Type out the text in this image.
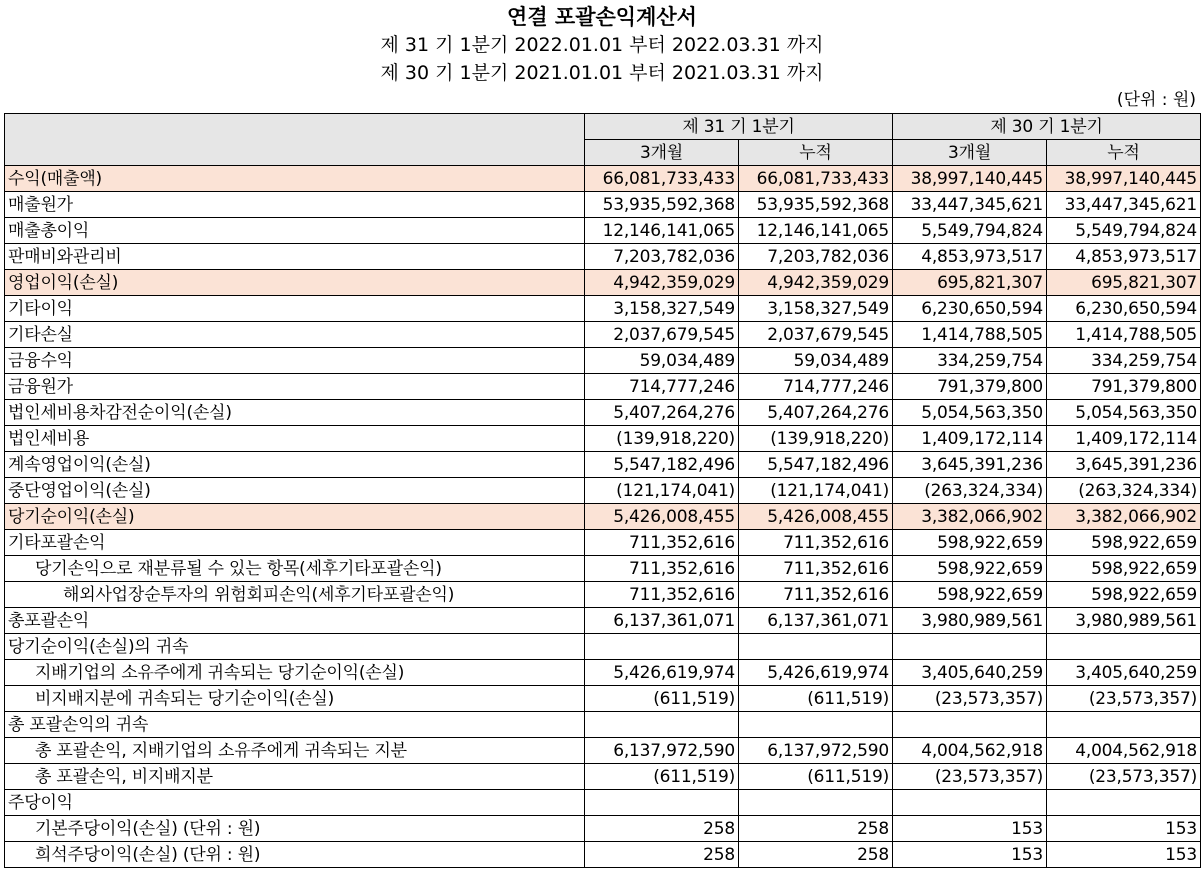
연결 포괄손익계산서
제 31 기 1분기 2022.01.01 부터 2022.03.31 까지
제 30 기 1분기 2021.01.01 부터 2021.03.31 까지
(단위 : 원)
	제 31 기 1분기		제 30 기 1분기	
	3개월	누적	3개월	누적
수익(매출액)	66,081,733,433	66,081,733,433	38,997,140,445	38,997,140,445
매출원가	53,935,592,368	53,935,592,368	33,447,345,621	33,447,345,621
매출총이익	12,146,141,065	12,146,141,065	5,549,794,824	5,549,794,824
판매비와관리비	7,203,782,036	7,203,782,036	4,853,973,517	4,853,973,517
영업이익(손실)	4,942,359,029	4,942,359,029	695,821,307	695,821,307
기타이익	3,158,327,549	3,158,327,549	6,230,650,594	6,230,650,594
기타손실	2,037,679,545	2,037,679,545	1,414,788,505	1,414,788,505
금융수익	59,034,489	59,034,489	334,259,754	334,259,754
금융원가	714,777,246	714,777,246	791,379,800	791,379,800
법인세비용차감전순이익(손실)	5,407,264,276	5,407,264,276	5,054,563,350	5,054,563,350
법인세비용	(139,918,220)	(139,918,220)	1,409,172,114	1,409,172,114
계속영업이익(손실)	5,547,182,496	5,547,182,496	3,645,391,236	3,645,391,236
중단영업이익(손실)	(121,174,041)	(121,174,041)	(263,324,334)	(263,324,334)
당기순이익(손실)	5,426,008,455	5,426,008,455	3,382,066,902	3,382,066,902
기타포괄손익	711,352,616	711,352,616	598,922,659	598,922,659
당기손익으로 재분류될 수 있는 항목(세후기타포괄손익)	711,352,616	711,352,616	598,922,659	598,922,659
해외사업장순투자의 위험회피손익(세후기타포괄손익)	711,352,616	711,352,616	598,922,659	598,922,659
총포괄손익	6,137,361,071	6,137,361,071	3,980,989,561	3,980,989,561
당기순이익(손실)의 귀속				
지배기업의 소유주에게 귀속되는 당기순이익(손실)	5,426,619,974	5,426,619,974	3,405,640,259	3,405,640,259
비지배지분에 귀속되는 당기순이익(손실)	(611,519)	(611,519)	(23,573,357)	(23,573,357)
총 포괄손익의 귀속				
총 포괄손익, 지배기업의 소유주에게 귀속되는 지분	6,137,972,590	6,137,972,590	4,004,562,918	4,004,562,918
총 포괄손익, 비지배지분	(611,519)	(611,519)	(23,573,357)	(23,573,357)
주당이익				
기본주당이익(손실) (단위 : 원)	258	258	153	153
희석주당이익(손실) (단위 : 원)	258	258	153	153
